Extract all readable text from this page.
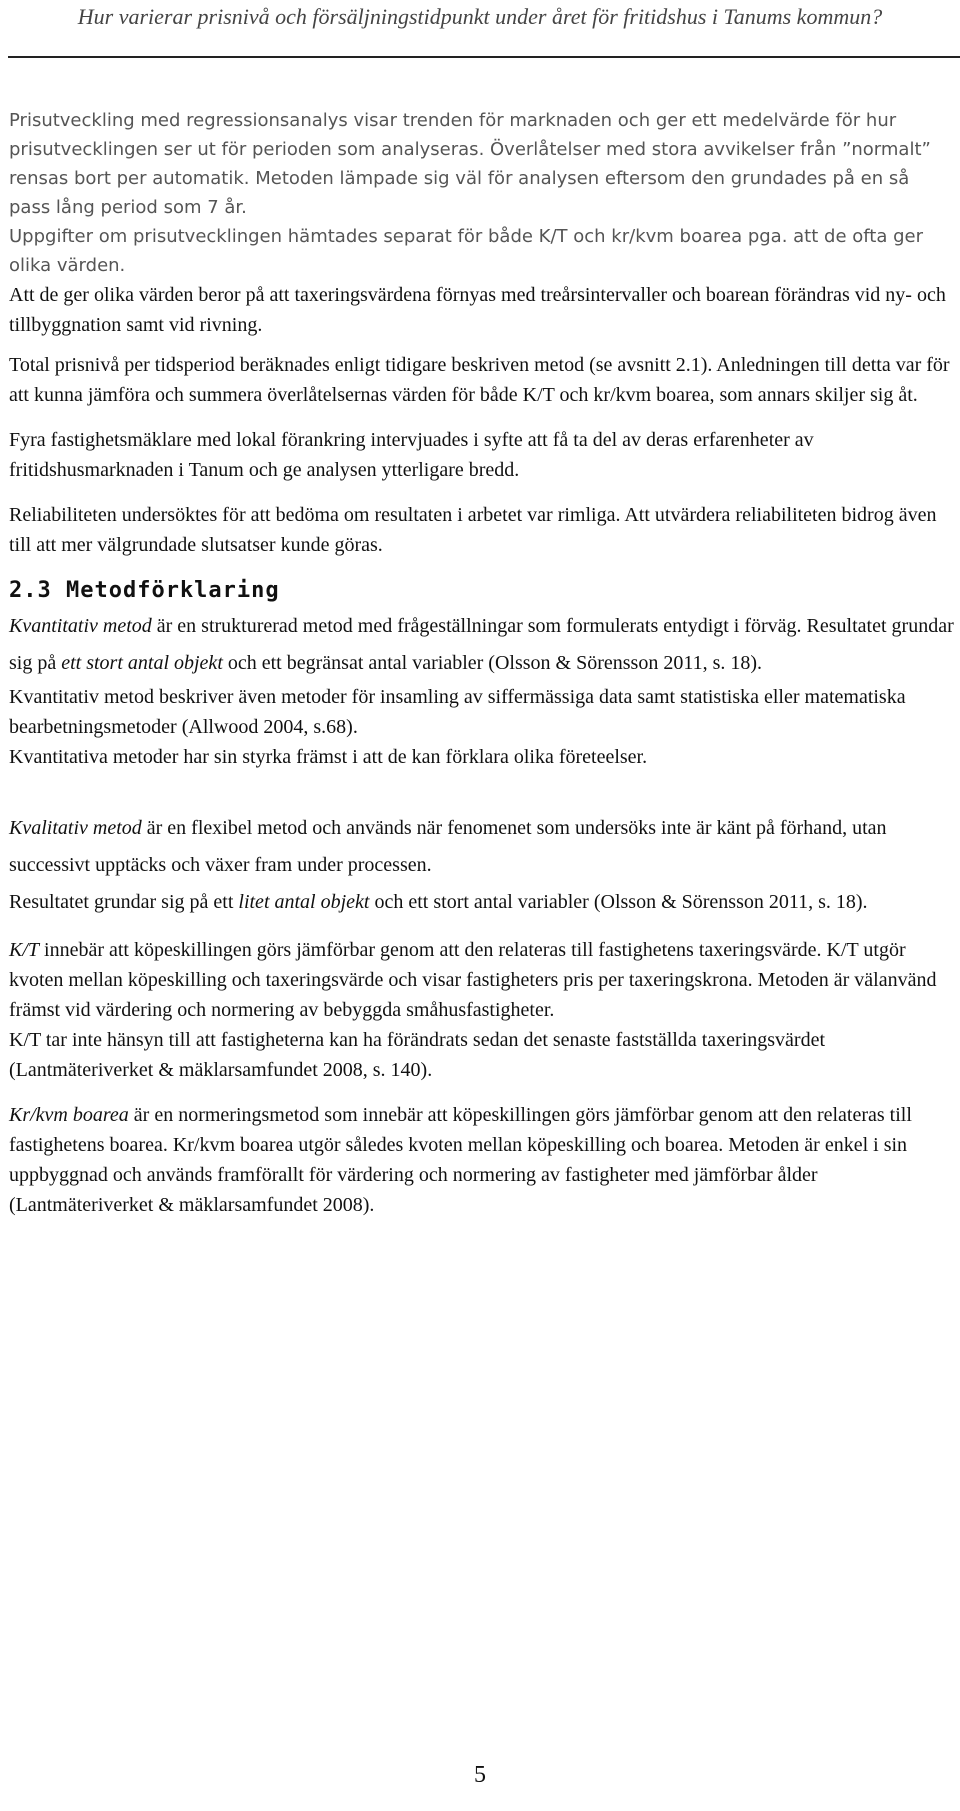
Hur varierar prisnivå och försäljningstidpunkt under året för fritidshus i Tanums kommun?

Prisutveckling med regressionsanalys visar trenden för marknaden och ger ett medelvärde för hur prisutvecklingen ser ut för perioden som analyseras. Överlåtelser med stora avvikelser från ”normalt” rensas bort per automatik. Metoden lämpade sig väl för analysen eftersom den grundades på en så pass lång period som 7 år.

Uppgifter om prisutvecklingen hämtades separat för både K/T och kr/kvm boarea pga. att de ofta ger olika värden.

Att de ger olika värden beror på att taxeringsvärdena förnyas med treårsintervaller och boarean förändras vid ny- och tillbyggnation samt vid rivning.

Total prisnivå per tidsperiod beräknades enligt tidigare beskriven metod (se avsnitt 2.1). Anledningen till detta var för att kunna jämföra och summera överlåtelsernas värden för både K/T och kr/kvm boarea, som annars skiljer sig åt.

Fyra fastighetsmäklare med lokal förankring intervjuades i syfte att få ta del av deras erfarenheter av fritidshusmarknaden i Tanum och ge analysen ytterligare bredd.

Reliabiliteten undersöktes för att bedöma om resultaten i arbetet var rimliga. Att utvärdera reliabiliteten bidrog även till att mer välgrundade slutsatser kunde göras.

2.3 Metodförklaring

Kvantitativ metod är en strukturerad metod med frågeställningar som formulerats entydigt i förväg. Resultatet grundar sig på ett stort antal objekt och ett begränsat antal variabler (Olsson & Sörensson 2011, s. 18).

Kvantitativ metod beskriver även metoder för insamling av siffermässiga data samt statistiska eller matematiska bearbetningsmetoder (Allwood 2004, s.68).

Kvantitativa metoder har sin styrka främst i att de kan förklara olika företeelser.

Kvalitativ metod är en flexibel metod och används när fenomenet som undersöks inte är känt på förhand, utan successivt upptäcks och växer fram under processen.

Resultatet grundar sig på ett litet antal objekt och ett stort antal variabler (Olsson & Sörensson 2011, s. 18).

K/T innebär att köpeskillingen görs jämförbar genom att den relateras till fastighetens taxeringsvärde. K/T utgör kvoten mellan köpeskilling och taxeringsvärde och visar fastigheters pris per taxeringskrona. Metoden är välanvänd främst vid värdering och normering av bebyggda småhusfastigheter.

K/T tar inte hänsyn till att fastigheterna kan ha förändrats sedan det senaste fastställda taxeringsvärdet (Lantmäteriverket & mäklarsamfundet 2008, s. 140).

Kr/kvm boarea är en normeringsmetod som innebär att köpeskillingen görs jämförbar genom att den relateras till fastighetens boarea. Kr/kvm boarea utgör således kvoten mellan köpeskilling och boarea. Metoden är enkel i sin uppbyggnad och används framförallt för värdering och normering av fastigheter med jämförbar ålder (Lantmäteriverket & mäklarsamfundet 2008).

5
